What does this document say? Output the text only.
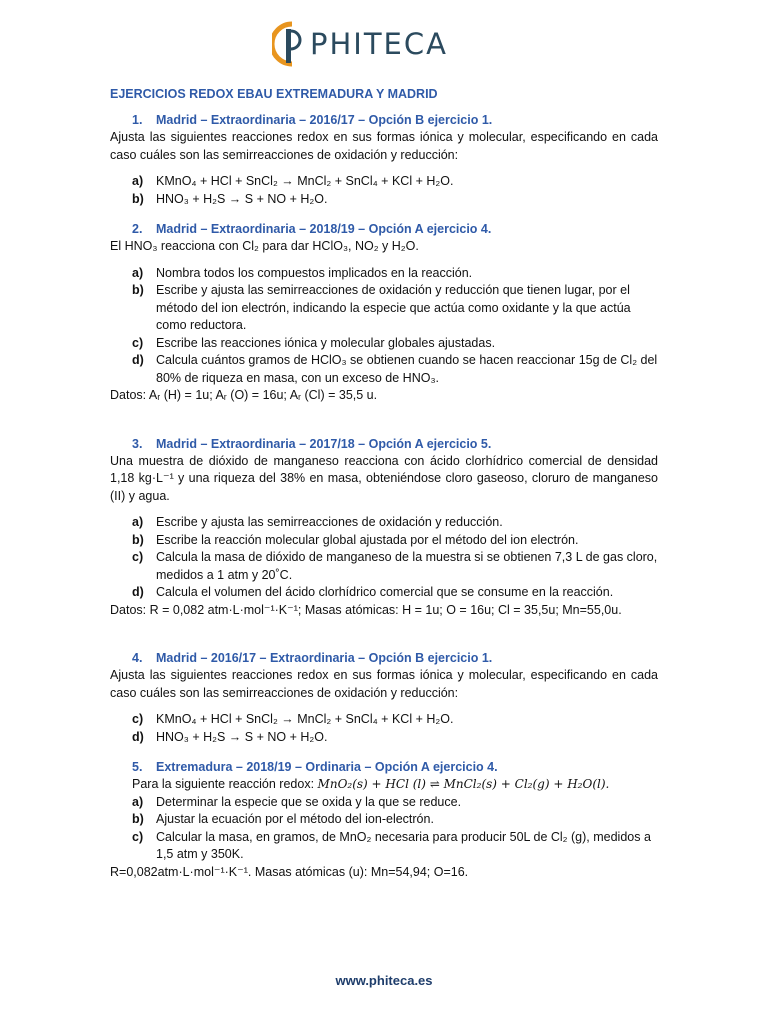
PHITECA
EJERCICIOS REDOX EBAU EXTREMADURA Y MADRID
1. Madrid – Extraordinaria – 2016/17 – Opción B ejercicio 1.

Ajusta las siguientes reacciones redox en sus formas iónica y molecular, especificando en cada caso cuáles son las semirreacciones de oxidación y reducción:

a) KMnO₄ + HCl + SnCl₂ → MnCl₂ + SnCl₄ + KCl + H₂O.
b) HNO₃ + H₂S → S + NO + H₂O.
2. Madrid – Extraordinaria – 2018/19 – Opción A ejercicio 4.

El HNO₃ reacciona con Cl₂ para dar HClO₃, NO₂ y H₂O.

a) Nombra todos los compuestos implicados en la reacción.
b) Escribe y ajusta las semirreacciones de oxidación y reducción que tienen lugar, por el método del ion electrón, indicando la especie que actúa como oxidante y la que actúa como reductora.
c) Escribe las reacciones iónica y molecular globales ajustadas.
d) Calcula cuántos gramos de HClO₃ se obtienen cuando se hacen reaccionar 15g de Cl₂ del 80% de riqueza en masa, con un exceso de HNO₃.

Datos: Aᵣ (H) = 1u; Aᵣ (O) = 16u; Aᵣ (Cl) = 35,5 u.

3. Madrid – Extraordinaria – 2017/18 – Opción A ejercicio 5.

Una muestra de dióxido de manganeso reacciona con ácido clorhídrico comercial de densidad 1,18 kg·L⁻¹ y una riqueza del 38% en masa, obteniéndose cloro gaseoso, cloruro de manganeso (II) y agua.

a) Escribe y ajusta las semirreacciones de oxidación y reducción.
b) Escribe la reacción molecular global ajustada por el método del ion electrón.
c) Calcula la masa de dióxido de manganeso de la muestra si se obtienen 7,3 L de gas cloro, medidos a 1 atm y 20˚C.
d) Calcula el volumen del ácido clorhídrico comercial que se consume en la reacción.

Datos: R = 0,082 atm·L·mol⁻¹·K⁻¹; Masas atómicas: H = 1u; O = 16u; Cl = 35,5u; Mn=55,0u.

4. Madrid – 2016/17 – Extraordinaria – Opción B ejercicio 1.

Ajusta las siguientes reacciones redox en sus formas iónica y molecular, especificando en cada caso cuáles son las semirreacciones de oxidación y reducción:

c) KMnO₄ + HCl + SnCl₂ → MnCl₂ + SnCl₄ + KCl + H₂O.
d) HNO₃ + H₂S → S + NO + H₂O.
5. Extremadura – 2018/19 – Ordinaria – Opción A ejercicio 4.

Para la siguiente reacción redox: MnO₂(s) + HCl (l) ⇌ MnCl₂(s) + Cl₂(g) + H₂O(l).

a) Determinar la especie que se oxida y la que se reduce.
b) Ajustar la ecuación por el método del ion-electrón.
c) Calcular la masa, en gramos, de MnO₂ necesaria para producir 50L de Cl₂ (g), medidos a 1,5 atm y 350K.

R=0,082atm·L·mol⁻¹·K⁻¹. Masas atómicas (u): Mn=54,94; O=16.

www.phiteca.es
